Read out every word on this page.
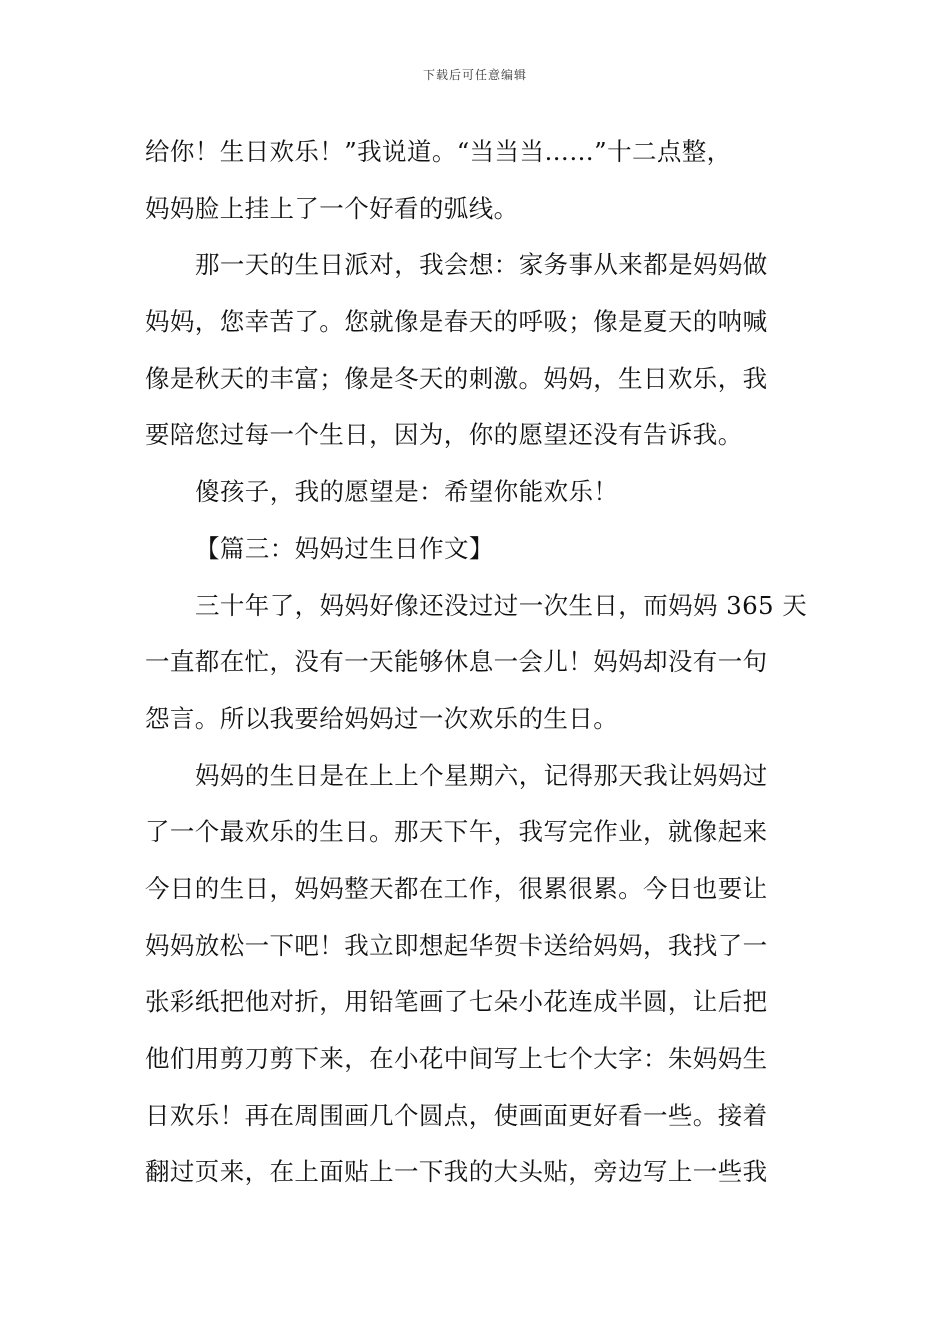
下载后可任意编辑
给你！生日欢乐！”我说道。“当当当……”十二点整，
妈妈脸上挂上了一个好看的弧线。
那一天的生日派对，我会想：家务事从来都是妈妈做
妈妈，您幸苦了。您就像是春天的呼吸；像是夏天的呐喊
像是秋天的丰富；像是冬天的刺激。妈妈，生日欢乐，我
要陪您过每一个生日，因为，你的愿望还没有告诉我。
傻孩子，我的愿望是：希望你能欢乐！
【篇三：妈妈过生日作文】
三十年了，妈妈好像还没过过一次生日，而妈妈 365 天
一直都在忙，没有一天能够休息一会儿！妈妈却没有一句
怨言。所以我要给妈妈过一次欢乐的生日。
妈妈的生日是在上上个星期六，记得那天我让妈妈过
了一个最欢乐的生日。那天下午，我写完作业，就像起来
今日的生日，妈妈整天都在工作，很累很累。今日也要让
妈妈放松一下吧！我立即想起华贺卡送给妈妈，我找了一
张彩纸把他对折，用铅笔画了七朵小花连成半圆，让后把
他们用剪刀剪下来，在小花中间写上七个大字：朱妈妈生
日欢乐！再在周围画几个圆点，使画面更好看一些。接着
翻过页来，在上面贴上一下我的大头贴，旁边写上一些我
